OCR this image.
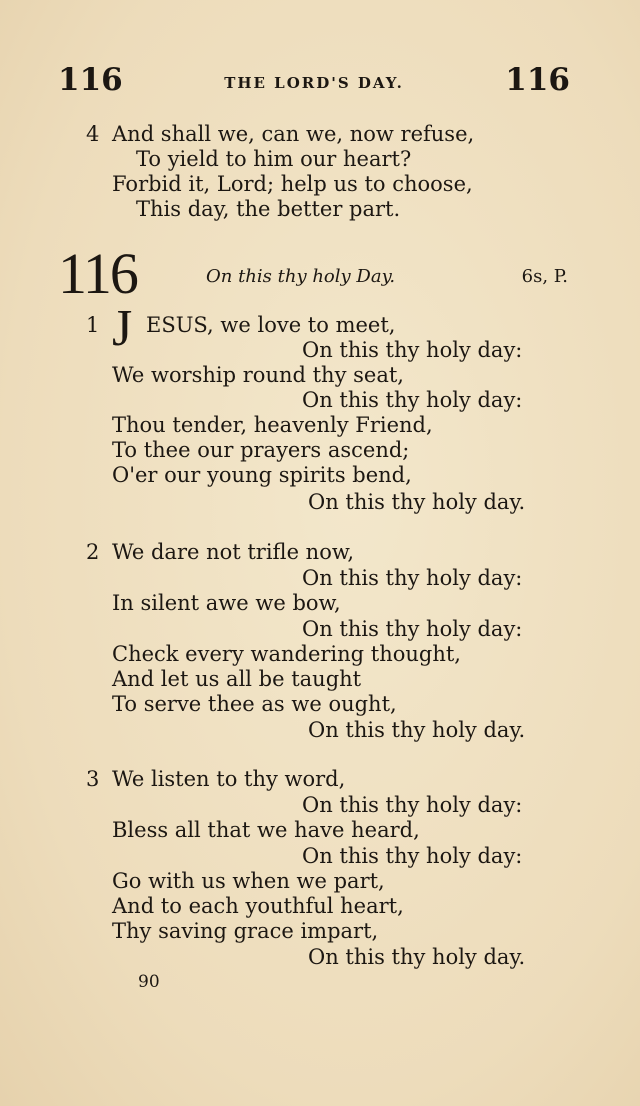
116	THE LORD'S DAY.	116
4 And shall we, can we, now refuse,
To yield to him our heart?
Forbid it, Lord; help us to choose,
This day, the better part.
116	On this thy holy Day.	6s, P.
1 J ESUS, we love to meet,
On this thy holy day:
We worship round thy seat,
On this thy holy day:
Thou tender, heavenly Friend,
To thee our prayers ascend;
O'er our young spirits bend,
On this thy holy day.
2 We dare not trifle now,
On this thy holy day:
In silent awe we bow,
On this thy holy day:
Check every wandering thought,
And let us all be taught
To serve thee as we ought,
On this thy holy day.
3 We listen to thy word,
On this thy holy day:
Bless all that we have heard,
On this thy holy day:
Go with us when we part,
And to each youthful heart,
Thy saving grace impart,
On this thy holy day.
90
